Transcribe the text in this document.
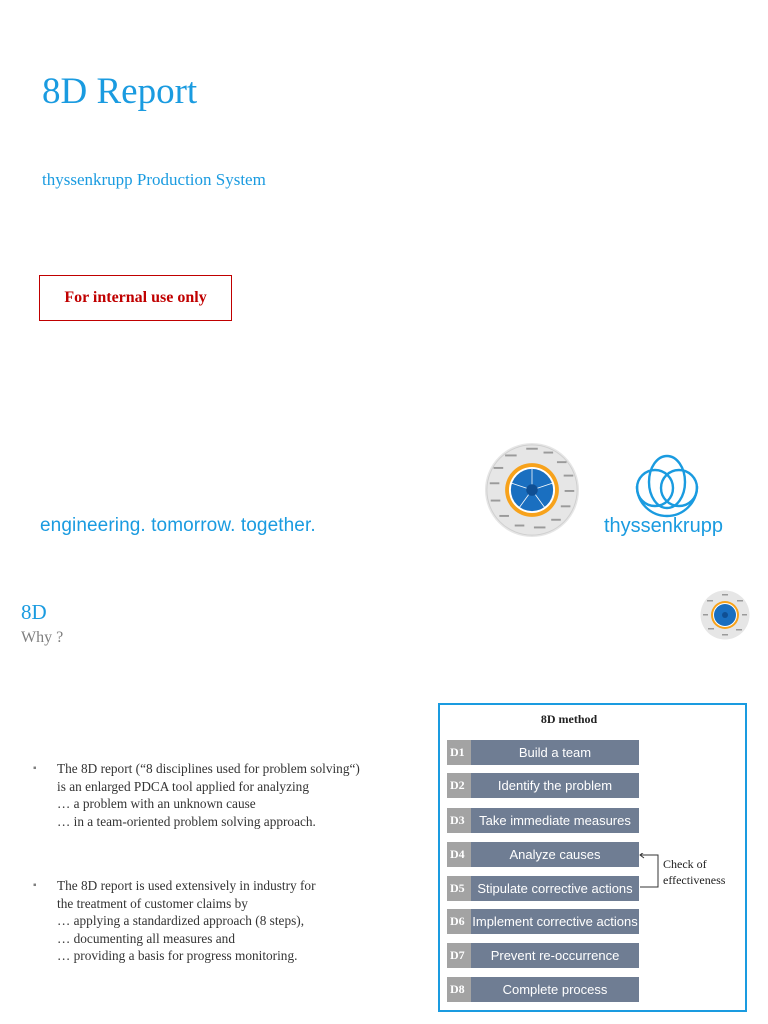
8D Report
thyssenkrupp Production System
For internal use only
engineering. tomorrow. together.	thyssenkrupp
8D
Why ?
▪ The 8D report (“8 disciplines used for problem solving“)
is an enlarged PDCA tool applied for analyzing
… a problem with an unknown cause
… in a team-oriented problem solving approach.
▪ The 8D report is used extensively in industry for
the treatment of customer claims by
… applying a standardized approach (8 steps),
… documenting all measures and
… providing a basis for progress monitoring.
8D method
D1	Build a team
D2	Identify the problem
D3	Take immediate measures
D4	Analyze causes
D5 Stipulate corrective actions
D6 Implement corrective actions
D7	Prevent re-occurrence
D8	Complete process
Check of
effectiveness
